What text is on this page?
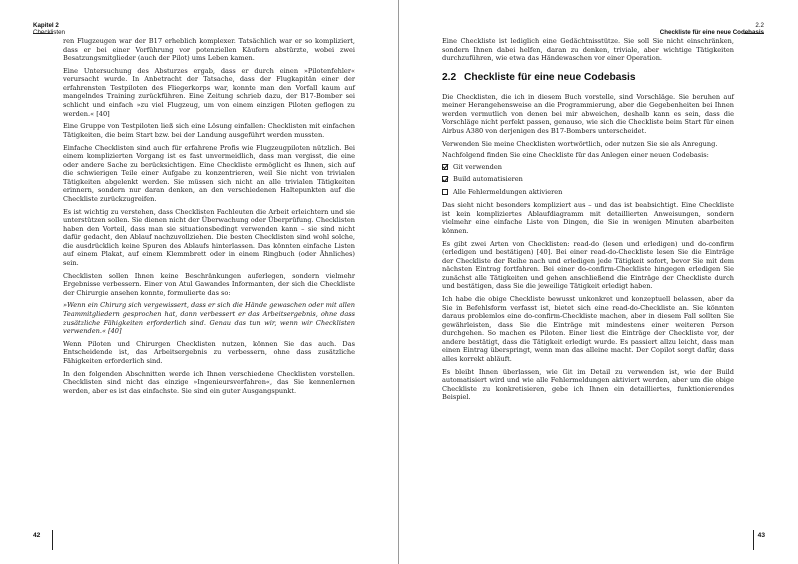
Kapitel 2
Checklisten

ren Flugzeugen war der B17 erheblich komplexer. Tatsächlich war er so kompliziert, dass er bei einer Vorführung vor potenziellen Käufern abstürzte, wobei zwei Besatzungsmitglieder (auch der Pilot) ums Leben kamen.

Eine Untersuchung des Absturzes ergab, dass er durch einen »Pilotenfehler« verursacht wurde. In Anbetracht der Tatsache, dass der Flugkapitän einer der erfahrensten Testpiloten des Fliegerkorps war, konnte man den Vorfall kaum auf mangelndes Training zurückführen. Eine Zeitung schrieb dazu, der B17-Bomber sei schlicht und einfach »zu viel Flugzeug, um von einem einzigen Piloten geflogen zu werden.« [40]

Eine Gruppe von Testpiloten ließ sich eine Lösung einfallen: Checklisten mit einfachen Tätigkeiten, die beim Start bzw. bei der Landung ausgeführt werden mussten.

Einfache Checklisten sind auch für erfahrene Profis wie Flugzeugpiloten nützlich. Bei einem komplizierten Vorgang ist es fast unvermeidlich, dass man vergisst, die eine oder andere Sache zu berücksichtigen. Eine Checkliste ermöglicht es Ihnen, sich auf die schwierigen Teile einer Aufgabe zu konzentrieren, weil Sie nicht von trivialen Tätigkeiten abgelenkt werden. Sie müssen sich nicht an alle trivialen Tätigkeiten erinnern, sondern nur daran denken, an den verschiedenen Haltepunkten auf die Checkliste zurückzugreifen.

Es ist wichtig zu verstehen, dass Checklisten Fachleuten die Arbeit erleichtern und sie unterstützen sollen. Sie dienen nicht der Überwachung oder Überprüfung. Checklisten haben den Vorteil, dass man sie situationsbedingt verwenden kann – sie sind nicht dafür gedacht, den Ablauf nachzuvollziehen. Die besten Checklisten sind wohl solche, die ausdrücklich keine Spuren des Ablaufs hinterlassen. Das könnten einfache Listen auf einem Plakat, auf einem Klemmbrett oder in einem Ringbuch (oder Ähnliches) sein.

Checklisten sollen Ihnen keine Beschränkungen auferlegen, sondern vielmehr Ergebnisse verbessern. Einer von Atul Gawandes Informanten, der sich die Checkliste der Chirurgie ansehen konnte, formulierte das so:

»Wenn ein Chirurg sich vergewissert, dass er sich die Hände gewaschen oder mit allen Teammitgliedern gesprochen hat, dann verbessert er das Arbeitsergebnis, ohne dass zusätzliche Fähigkeiten erforderlich sind. Genau das tun wir, wenn wir Checklisten verwenden.« [40]

Wenn Piloten und Chirurgen Checklisten nutzen, können Sie das auch. Das Entscheidende ist, das Arbeitsergebnis zu verbessern, ohne dass zusätzliche Fähigkeiten erforderlich sind.

In den folgenden Abschnitten werde ich Ihnen verschiedene Checklisten vorstellen. Checklisten sind nicht das einzige »Ingenieursverfahren«, das Sie kennenlernen werden, aber es ist das einfachste. Sie sind ein guter Ausgangspunkt.

42
2.2
Checkliste für eine neue Codebasis

Eine Checkliste ist lediglich eine Gedächtnisstütze. Sie soll Sie nicht einschränken, sondern Ihnen dabei helfen, daran zu denken, triviale, aber wichtige Tätigkeiten durchzuführen, wie etwa das Händewaschen vor einer Operation.

2.2 Checkliste für eine neue Codebasis

Die Checklisten, die ich in diesem Buch vorstelle, sind Vorschläge. Sie beruhen auf meiner Herangehensweise an die Programmierung, aber die Gegebenheiten bei Ihnen werden vermutlich von denen bei mir abweichen, deshalb kann es sein, dass die Vorschläge nicht perfekt passen, genauso, wie sich die Checkliste beim Start für einen Airbus A380 von derjenigen des B17-Bombers unterscheidet.

Verwenden Sie meine Checklisten wortwörtlich, oder nutzen Sie sie als Anregung.

Nachfolgend finden Sie eine Checkliste für das Anlegen einer neuen Codebasis:

Git verwenden
Build automatisieren
Alle Fehlermeldungen aktivieren

Das sieht nicht besonders kompliziert aus – und das ist beabsichtigt. Eine Checkliste ist kein kompliziertes Ablaufdiagramm mit detaillierten Anweisungen, sondern vielmehr eine einfache Liste von Dingen, die Sie in wenigen Minuten abarbeiten können.

Es gibt zwei Arten von Checklisten: read-do (lesen und erledigen) und do-confirm (erledigen und bestätigen) [40]. Bei einer read-do-Checkliste lesen Sie die Einträge der Checkliste der Reihe nach und erledigen jede Tätigkeit sofort, bevor Sie mit dem nächsten Eintrag fortfahren. Bei einer do-confirm-Checkliste hingegen erledigen Sie zunächst alle Tätigkeiten und gehen anschließend die Einträge der Checkliste durch und bestätigen, dass Sie die jeweilige Tätigkeit erledigt haben.

Ich habe die obige Checkliste bewusst unkonkret und konzeptuell belassen, aber da Sie in Befehlsform verfasst ist, bietet sich eine read-do-Checkliste an. Sie könnten daraus problemlos eine do-confirm-Checkliste machen, aber in diesem Fall sollten Sie gewährleisten, dass Sie die Einträge mit mindestens einer weiteren Person durchgehen. So machen es Piloten. Einer liest die Einträge der Checkliste vor, der andere bestätigt, dass die Tätigkeit erledigt wurde. Es passiert allzu leicht, dass man einen Eintrag überspringt, wenn man das alleine macht. Der Copilot sorgt dafür, dass alles korrekt abläuft.

Es bleibt Ihnen überlassen, wie Git im Detail zu verwenden ist, wie der Build automatisiert wird und wie alle Fehlermeldungen aktiviert werden, aber um die obige Checkliste zu konkretisieren, gebe ich Ihnen ein detailliertes, funktionierendes Beispiel.

43
